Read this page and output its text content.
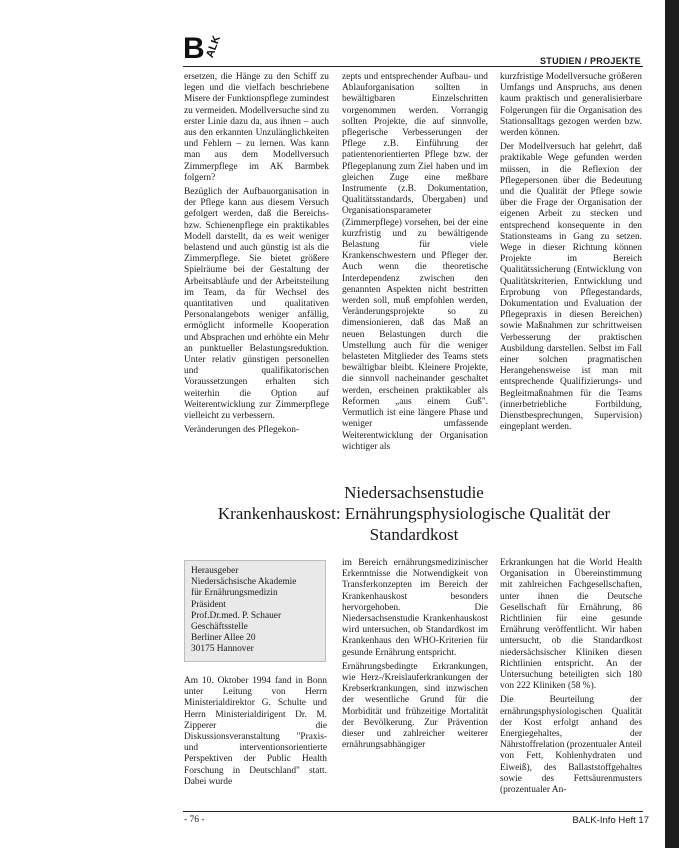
B ALK
STUDIEN / PROJEKTE

ersetzen, die Hänge zu den Schiff zu legen und die vielfach beschriebene Misere der Funktionspflege zumindest zu vermeiden. Modellversuche sind zu erster Linie dazu da, aus ihnen – auch aus den erkannten Unzulänglichkeiten und Fehlern – zu lernen. Was kann man aus dem Modellversuch Zimmerpflege im AK Barmbek folgern?

Bezüglich der Aufbauorganisation in der Pflege kann aus diesem Versuch gefolgert werden, daß die Bereichs- bzw. Schienenpflege ein praktikables Modell darstellt, da es weit weniger belastend und auch günstig ist als die Zimmerpflege. Sie bietet größere Spielräume bei der Gestaltung der Arbeitsabläufe und der Arbeitsteilung im Team, da für Wechsel des quantitativen und qualitativen Personalangebots weniger anfällig, ermöglicht informelle Kooperation und Absprachen und erhöhte ein Mehr an punktueller Belastungsreduktion. Unter relativ günstigen personellen und qualifikatorischen Voraussetzungen erhalten sich weiterhin die Option auf Weiterentwicklung zur Zimmerpflege vielleicht zu verbessern.

Veränderungen des Pflegekon-

zepts und entsprechender Aufbau- und Ablauforganisation sollten in bewältigbaren Einzelschritten vorgenommen werden. Vorrangig sollten Projekte, die auf sinnvolle, pflegerische Verbesserungen der Pflege z.B. Einführung der patientenorientierten Pflege bzw. der Pflegeplanung zum Ziel haben und im gleichen Zuge eine meßbare Instrumente (z.B. Dokumentation, Qualitätsstandards, Übergaben) und Organisationsparameter (Zimmerpflege) vorsehen, bei der eine kurzfristig und zu bewältigende Belastung für viele Krankenschwestern und Pfleger der. Auch wenn die theoretische Interdependenz zwischen den genannten Aspekten nicht bestritten werden soll, muß empfohlen werden, Veränderungsprojekte so zu dimensionieren, daß das Maß an neuen Belastungen durch die Umstellung auch für die weniger belasteten Mitglieder des Teams stets bewältigbar bleibt. Kleinere Projekte, die sinnvoll nacheinander geschaltet werden, erscheinen praktikabler als Reformen „aus einem Guß". Vermutlich ist eine längere Phase und weniger umfassende Weiterentwicklung der Organisation wichtiger als

kurzfristige Modellversuche größeren Umfangs und Anspruchs, aus denen kaum praktisch und generalisierbare Folgerungen für die Organisation des Stationsalltags gezogen werden bzw. werden können.

Der Modellversuch hat gelehrt, daß praktikable Wege gefunden werden müssen, in die Reflexion der Pflegepersonen über die Bedeutung und die Qualität der Pflege sowie über die Frage der Organisation der eigenen Arbeit zu stecken und entsprechend konsequente in den Stationsteams in Gang zu setzen. Wege in dieser Richtung können Projekte im Bereich Qualitätssicherung (Entwicklung von Qualitätskriterien, Entwicklung und Erprobung von Pflegestandards, Dokumentation und Evaluation der Pflegepraxis in diesen Bereichen) sowie Maßnahmen zur schrittweisen Verbesserung der praktischen Ausbildung darstellen. Selbst im Fall einer solchen pragmatischen Herangehensweise ist man mit entsprechende Qualifizierungs- und Begleitmaßnahmen für die Teams (innerbetriebliche Fortbildung, Dienstbesprechungen, Supervision) eingeplant werden.

Niedersachsenstudie
Krankenhauskost: Ernährungsphysiologische Qualität der Standardkost
Herausgeber
Niedersächsische Akademie
für Ernährungsmedizin
Präsident
Prof.Dr.med. P. Schauer
Geschäftsstelle
Berliner Allee 20
30175 Hannover

Am 10. Oktober 1994 fand in Bonn unter Leitung von Herrn Ministerialdirektor G. Schulte und Herrn Ministerialdirigent Dr. M. Zipperer die Diskussionsveranstaltung "Praxis- und interventionsorientierte Perspektiven der Public Health Forschung in Deutschland" statt. Dabei wurde

im Bereich ernährungsmedizinischer Erkenntnisse die Notwendigkeit von Transferkonzepten im Bereich der Krankenhauskost besonders hervorgehoben. Die Niedersachsenstudie Krankenhauskost wird untersuchen, ob Standardkost im Krankenhaus den WHO-Kriterien für gesunde Ernährung entspricht.

Ernährungsbedingte Erkrankungen, wie Herz-/Kreislauferkrankungen der Krebserkrankungen, sind inzwischen der wesentliche Grund für die Morbidität und frühzeitige Mortalität der Bevölkerung. Zur Prävention dieser und zahlreicher weiterer ernährungsabhängiger

Erkrankungen hat die World Health Organisation in Übereinstimmung mit zahlreichen Fachgesellschaften, unter ihnen die Deutsche Gesellschaft für Ernährung, 86 Richtlinien für eine gesunde Ernährung veröffentlicht. Wir haben untersucht, ob die Standardkost niedersächsischer Kliniken diesen Richtlinien entspricht. An der Untersuchung beteiligten sich 180 von 222 Kliniken (58 %).

Die Beurteilung der ernährungsphysiologischen Qualität der Kost erfolgt anhand des Energiegehaltes, der Nährstoffrelation (prozentualer Anteil von Fett, Kohlenhydraten und Eiweiß), des Ballaststoffgehaltes sowie des Fettsäurenmusters (prozentualer An-

- 76 -	BALK-Info Heft 17
